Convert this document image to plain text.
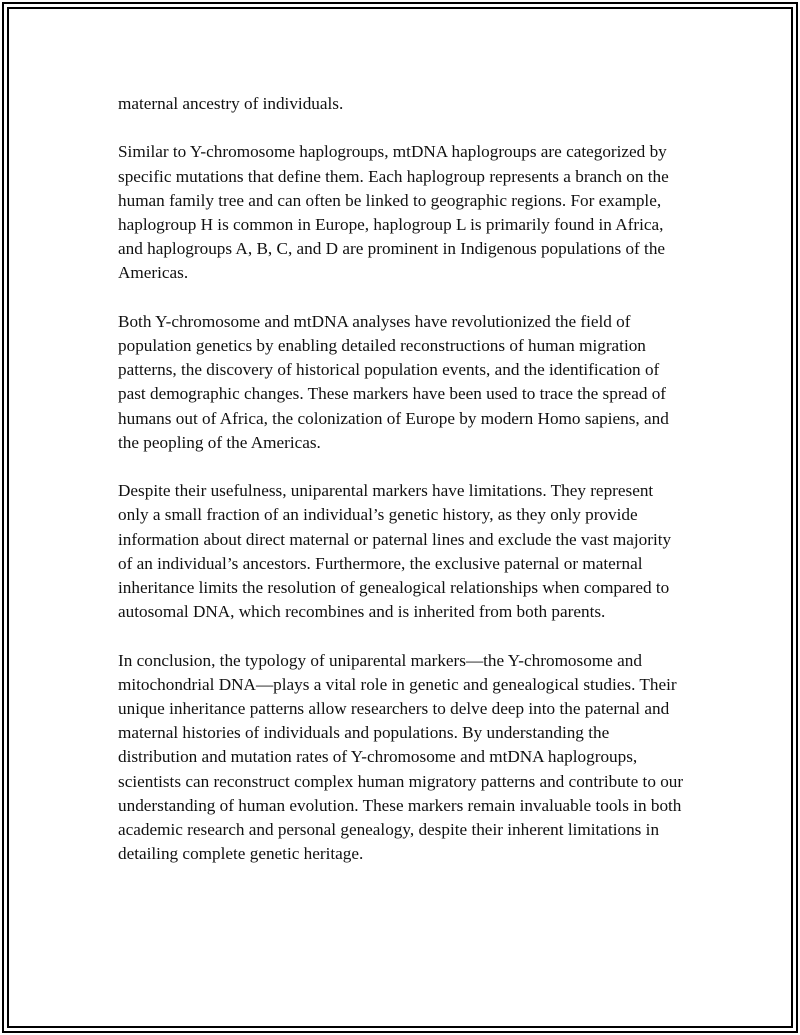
maternal ancestry of individuals.

Similar to Y-chromosome haplogroups, mtDNA haplogroups are categorized by specific mutations that define them. Each haplogroup represents a branch on the human family tree and can often be linked to geographic regions. For example, haplogroup H is common in Europe, haplogroup L is primarily found in Africa, and haplogroups A, B, C, and D are prominent in Indigenous populations of the Americas.

Both Y-chromosome and mtDNA analyses have revolutionized the field of population genetics by enabling detailed reconstructions of human migration patterns, the discovery of historical population events, and the identification of past demographic changes. These markers have been used to trace the spread of humans out of Africa, the colonization of Europe by modern Homo sapiens, and the peopling of the Americas.

Despite their usefulness, uniparental markers have limitations. They represent only a small fraction of an individual’s genetic history, as they only provide information about direct maternal or paternal lines and exclude the vast majority of an individual’s ancestors. Furthermore, the exclusive paternal or maternal inheritance limits the resolution of genealogical relationships when compared to autosomal DNA, which recombines and is inherited from both parents.

In conclusion, the typology of uniparental markers—the Y-chromosome and mitochondrial DNA—plays a vital role in genetic and genealogical studies. Their unique inheritance patterns allow researchers to delve deep into the paternal and maternal histories of individuals and populations. By understanding the distribution and mutation rates of Y-chromosome and mtDNA haplogroups, scientists can reconstruct complex human migratory patterns and contribute to our understanding of human evolution. These markers remain invaluable tools in both academic research and personal genealogy, despite their inherent limitations in detailing complete genetic heritage.
